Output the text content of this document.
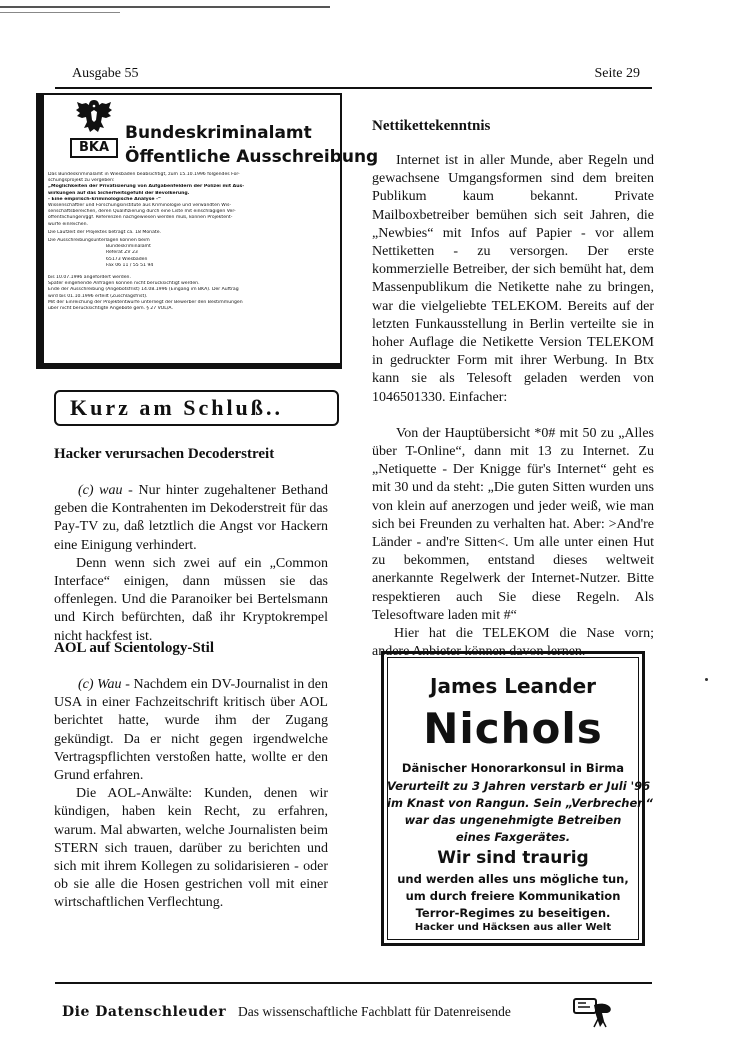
Ausgabe 55	Seite 29
BKA
Bundeskriminalamt
Öffentliche Ausschreibung
Das Bundeskriminalamt in Wiesbaden beabsichtigt, zum 15.10.1996 folgendes For-
schungsprojekt zu vergeben:
„Möglichkeiten der Privatisierung von Aufgabenfeldern der Polizei mit Aus-
wirkungen auf das Sicherheitsgefühl der Bevölkerung.
- Eine empirisch-kriminologische Analyse -“
Wissenschaftler und Forschungsinstitute aus Kriminologie und verwandten Wis-
senschaftsbereichen, deren Qualifizierung durch eine Liste mit einschlägigen Ver-
öffentlichungen/ggf. Referenzen nachgewiesen werden muß, können Projektent-
würfe einreichen.
Die Laufzeit der Projektes beträgt ca. 18 Monate.
Die Ausschreibungsunterlagen können beim
Bundeskriminalamt
Referat ZV 23
65173 Wiesbaden
Fax 06 11 / 55 51 94
bis 10.07.1996 angefordert werden.
Später eingehende Anfragen können nicht berücksichtigt werden.
Ende der Ausschreibung (Angebotsfrist) 14.08.1996 (Eingang im BKA). Der Auftrag
wird bis 01.10.1996 erteilt (Zuschlagsfrist).
Mit der Einreichung der Projektentwürfe unterliegt der Bewerber den Bestimmungen
über nicht berücksichtigte Angebote gem. § 27 VOL/A.
Kurz am Schluß..
Hacker verursachen Decoderstreit

(c) wau - Nur hinter zugehaltener Bethand geben die Kontrahenten im Dekoderstreit für das Pay-TV zu, daß letztlich die Angst vor Hackern eine Einigung verhindert.

Denn wenn sich zwei auf ein „Common Interface“ einigen, dann müssen sie das offenlegen. Und die Paranoiker bei Bertelsmann und Kirch befürchten, daß ihr Kryptokrempel nicht hackfest ist.

AOL auf Scientology-Stil

(c) Wau - Nachdem ein DV-Journalist in den USA in einer Fachzeitschrift kritisch über AOL berichtet hatte, wurde ihm der Zugang gekündigt. Da er nicht gegen irgendwelche Vertragspflichten verstoßen hatte, wollte er den Grund erfahren.

Die AOL-Anwälte: Kunden, denen wir kündigen, haben kein Recht, zu erfahren, warum. Mal abwarten, welche Journalisten beim STERN sich trauen, darüber zu berichten und sich mit ihrem Kollegen zu solidarisieren - oder ob sie alle die Hosen gestrichen voll mit einer wirtschaftlichen Verflechtung.

Nettikettekenntnis

Internet ist in aller Munde, aber Regeln und gewachsene Umgangsformen sind dem breiten Publikum kaum bekannt. Private Mailboxbetreiber bemühen sich seit Jahren, die „Newbies“ mit Infos auf Papier - vor allem Nettiketten - zu versorgen. Der erste kommerzielle Betreiber, der sich bemüht hat, dem Massenpublikum die Netikette nahe zu bringen, war die vielgeliebte TELEKOM. Bereits auf der letzten Funkausstellung in Berlin verteilte sie in hoher Auflage die Netikette Version TELEKOM in gedruckter Form mit ihrer Werbung. In Btx kann sie als Telesoft geladen werden von 1046501330. Einfacher:

Von der Hauptübersicht *0# mit 50 zu „Alles über T-Online“, dann mit 13 zu Internet. Zu „Netiquette - Der Knigge für's Internet“ geht es mit 30 und da steht: „Die guten Sitten wurden uns von klein auf anerzogen und jeder weiß, wie man sich bei Freunden zu verhalten hat. Aber: >And're Länder - and're Sitten<. Um alle unter einen Hut zu bekommen, entstand dieses weltweit anerkannte Regelwerk der Internet-Nutzer. Bitte respektieren auch Sie diese Regeln. Als Telesoftware laden mit #“

Hier hat die TELEKOM die Nase vorn; andere Anbieter können davon lernen.

James Leander
Nichols
Dänischer Honorarkonsul in Birma
Verurteilt zu 3 Jahren verstarb er Juli '96
im Knast von Rangun. Sein „Verbrechen“
war das ungenehmigte Betreiben
eines Faxgerätes.
Wir sind traurig
und werden alles uns mögliche tun,
um durch freiere Kommunikation
Terror-Regimes zu beseitigen.
Hacker und Häcksen aus aller Welt
Die Datenschleuder Das wissenschaftliche Fachblatt für Datenreisende
